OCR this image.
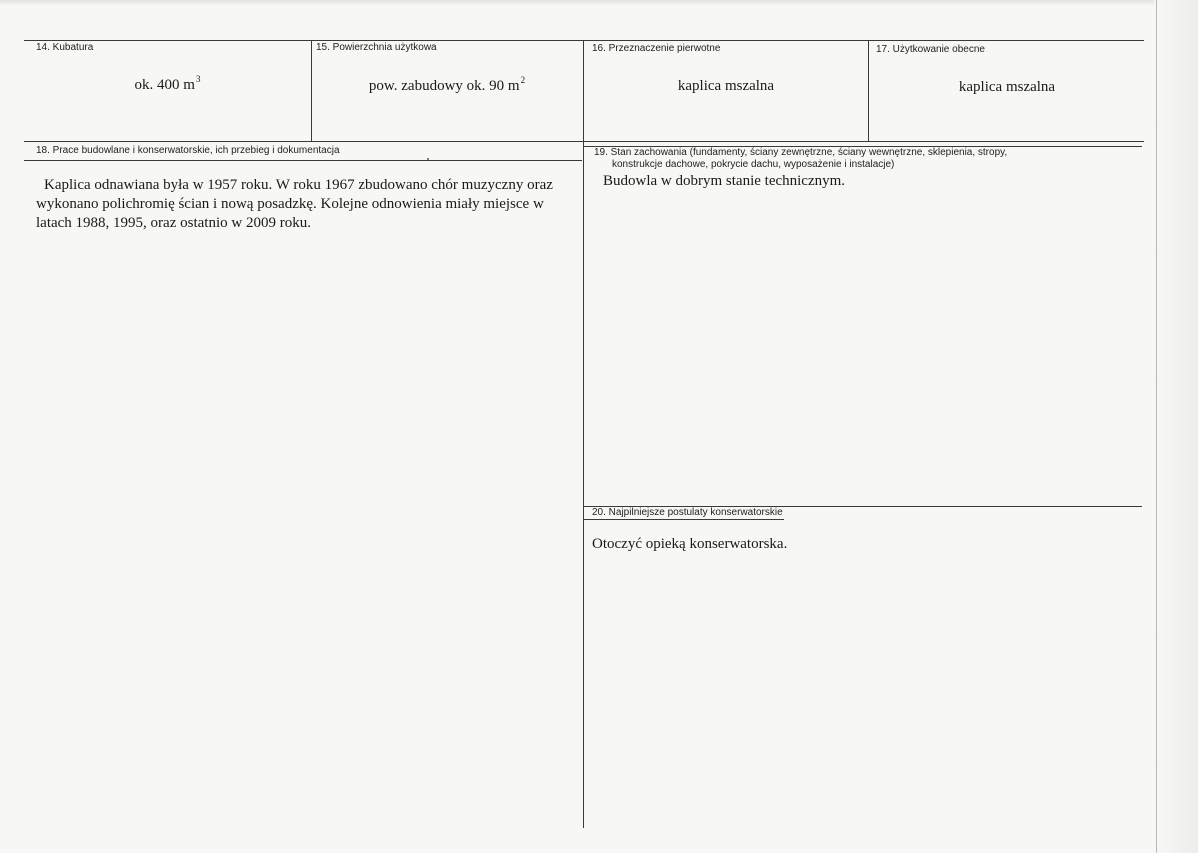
14. Kubatura
ok. 400 $m^3$
15. Powierzchnia użytkowa
pow. zabudowy ok. 90 $m^2$
16. Przeznaczenie pierwotne
kaplica mszalna
17. Użytkowanie obecne
kaplica mszalna
18. Prace budowlane i konserwatorskie, ich przebieg i dokumentacja
Kaplica odnawiana była w 1957 roku. W roku 1967 zbudowano chór muzyczny oraz wykonano polichromię ścian i nową posadzkę. Kolejne odnowienia miały miejsce w latach 1988, 1995, oraz ostatnio w 2009 roku.
19. Stan zachowania (fundamenty, ściany zewnętrzne, ściany wewnętrzne, sklepienia, stropy,
konstrukcje dachowe, pokrycie dachu, wyposażenie i instalacje)
Budowla w dobrym stanie technicznym.
20. Najpilniejsze postulaty konserwatorskie
Otoczyć opieką konserwatorska.
